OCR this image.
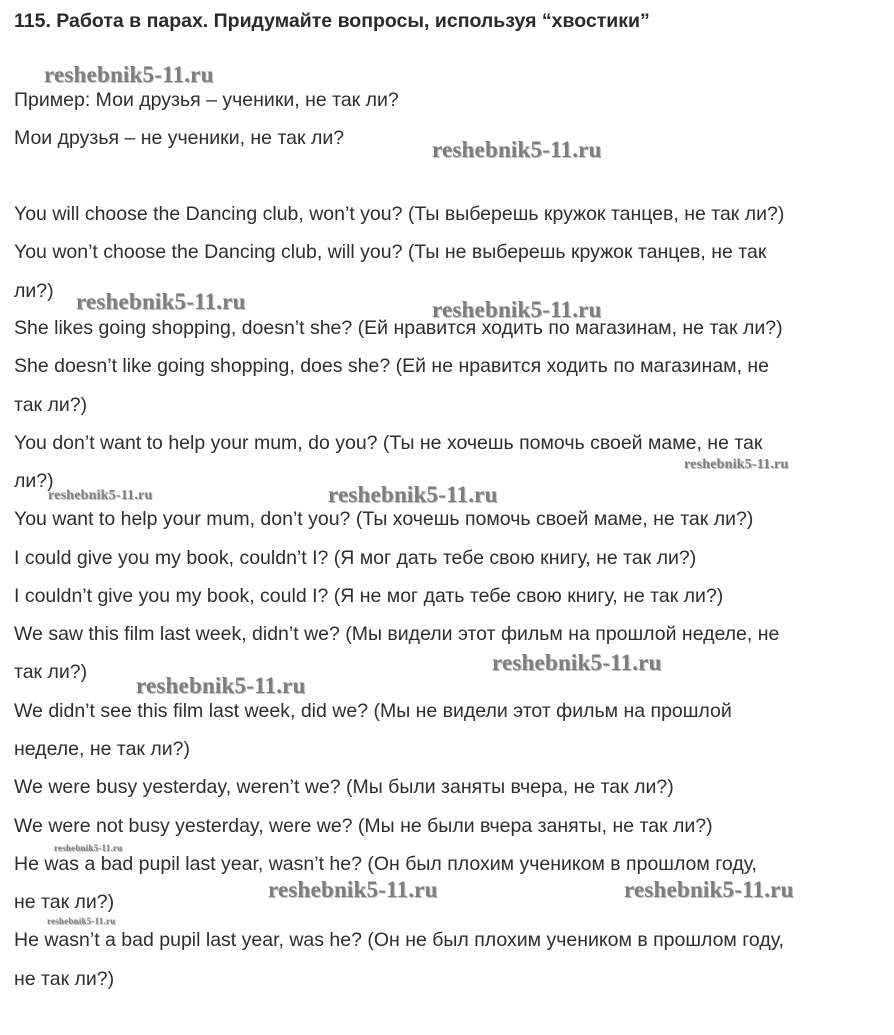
115. Работа в парах. Придумайте вопросы, используя “хвостики”
Пример: Мои друзья – ученики, не так ли?
Мои друзья – не ученики, не так ли?
You will choose the Dancing club, won’t you? (Ты выберешь кружок танцев, не так ли?)
You won’t choose the Dancing club, will you? (Ты не выберешь кружок танцев, не так
ли?)
She likes going shopping, doesn’t she? (Ей нравится ходить по магазинам, не так ли?)
She doesn’t like going shopping, does she? (Ей не нравится ходить по магазинам, не
так ли?)
You don’t want to help your mum, do you? (Ты не хочешь помочь своей маме, не так
ли?)
You want to help your mum, don’t you? (Ты хочешь помочь своей маме, не так ли?)
I could give you my book, couldn’t I? (Я мог дать тебе свою книгу, не так ли?)
I couldn’t give you my book, could I? (Я не мог дать тебе свою книгу, не так ли?)
We saw this film last week, didn’t we? (Мы видели этот фильм на прошлой неделе, не
так ли?)
We didn’t see this film last week, did we? (Мы не видели этот фильм на прошлой
неделе, не так ли?)
We were busy yesterday, weren’t we? (Мы были заняты вчера, не так ли?)
We were not busy yesterday, were we? (Мы не были вчера заняты, не так ли?)
He was a bad pupil last year, wasn’t he? (Он был плохим учеником в прошлом году,
не так ли?)
He wasn’t a bad pupil last year, was he? (Он не был плохим учеником в прошлом году,
не так ли?)
reshebnik5-11.ru
reshebnik5-11.ru
reshebnik5-11.ru	reshebnik5-11.ru
reshebnik5-11.ru
reshebnik5-11.ru	reshebnik5-11.ru
reshebnik5-11.ru
reshebnik5-11.ru
reshebnik5-11.ru
reshebnik5-11.ru	reshebnik5-11.ru
reshebnik5-11.ru
